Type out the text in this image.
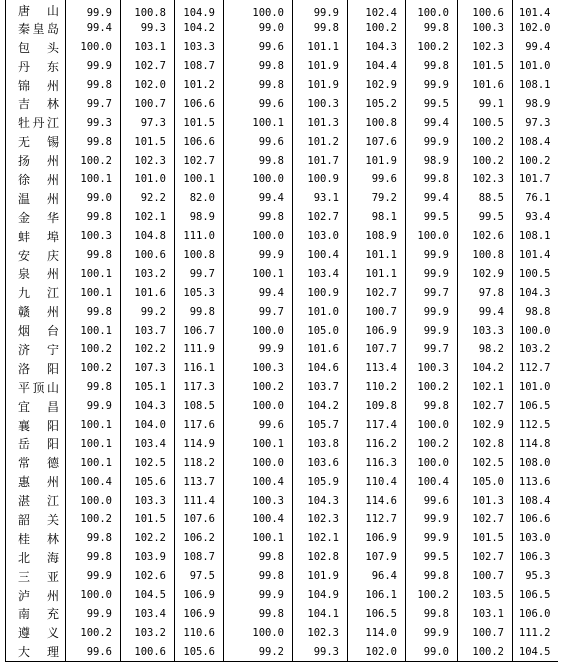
唐 山	99.9	100.8	104.9	100.0	99.9	102.4	100.0	100.6	101.4

秦 皇 岛	99.4	99.3	104.2	99.0	99.8	100.2	99.8	100.3	102.0

包 头	100.0	103.1	103.3	99.6	101.1	104.3	100.2	102.3	99.4

丹 东	99.9	102.7	108.7	99.8	101.9	104.4	99.8	101.5	101.0

锦 州	99.8	102.0	101.2	99.8	101.9	102.9	99.9	101.6	108.1

吉 林	99.7	100.7	106.6	99.6	100.3	105.2	99.5	99.1	98.9

牡 丹 江	99.3	97.3	101.5	100.1	101.3	100.8	99.4	100.5	97.3

无 锡	99.8	101.5	106.6	99.6	101.2	107.6	99.9	100.2	108.4

扬 州	100.2	102.3	102.7	99.8	101.7	101.9	98.9	100.2	100.2

徐 州	100.1	101.0	100.1	100.0	100.9	99.6	99.8	102.3	101.7

温 州	99.0	92.2	82.0	99.4	93.1	79.2	99.4	88.5	76.1

金 华	99.8	102.1	98.9	99.8	102.7	98.1	99.5	99.5	93.4

蚌 埠	100.3	104.8	111.0	100.0	103.0	108.9	100.0	102.6	108.1

安 庆	99.8	100.6	100.8	99.9	100.4	101.1	99.9	100.8	101.4

泉 州	100.1	103.2	99.7	100.1	103.4	101.1	99.9	102.9	100.5

九 江	100.1	101.6	105.3	99.4	100.9	102.7	99.7	97.8	104.3

赣 州	99.8	99.2	99.8	99.7	101.0	100.7	99.9	99.4	98.8

烟 台	100.1	103.7	106.7	100.0	105.0	106.9	99.9	103.3	100.0

济 宁	100.2	102.2	111.9	99.9	101.6	107.7	99.7	98.2	103.2

洛 阳	100.2	107.3	116.1	100.3	104.6	113.4	100.3	104.2	112.7

平 顶 山	99.8	105.1	117.3	100.2	103.7	110.2	100.2	102.1	101.0

宜 昌	99.9	104.3	108.5	100.0	104.2	109.8	99.8	102.7	106.5

襄 阳	100.1	104.0	117.6	99.6	105.7	117.4	100.0	102.9	112.5

岳 阳	100.1	103.4	114.9	100.1	103.8	116.2	100.2	102.8	114.8

常 德	100.1	102.5	118.2	100.0	103.6	116.3	100.0	102.5	108.0

惠 州	100.4	105.6	113.7	100.4	105.9	110.4	100.4	105.0	113.6

湛 江	100.0	103.3	111.4	100.3	104.3	114.6	99.6	101.3	108.4

韶 关	100.2	101.5	107.6	100.4	102.3	112.7	99.9	102.7	106.6

桂 林	99.8	102.2	106.2	100.1	102.1	106.9	99.9	101.5	103.0

北 海	99.8	103.9	108.7	99.8	102.8	107.9	99.5	102.7	106.3

三 亚	99.9	102.6	97.5	99.8	101.9	96.4	99.8	100.7	95.3

泸 州	100.0	104.5	106.9	99.9	104.9	106.1	100.2	103.5	106.5

南 充	99.9	103.4	106.9	99.8	104.1	106.5	99.8	103.1	106.0

遵 义	100.2	103.2	110.6	100.0	102.3	114.0	99.9	100.7	111.2

大 理	99.6	100.6	105.6	99.2	99.3	102.0	99.0	100.2	104.5
